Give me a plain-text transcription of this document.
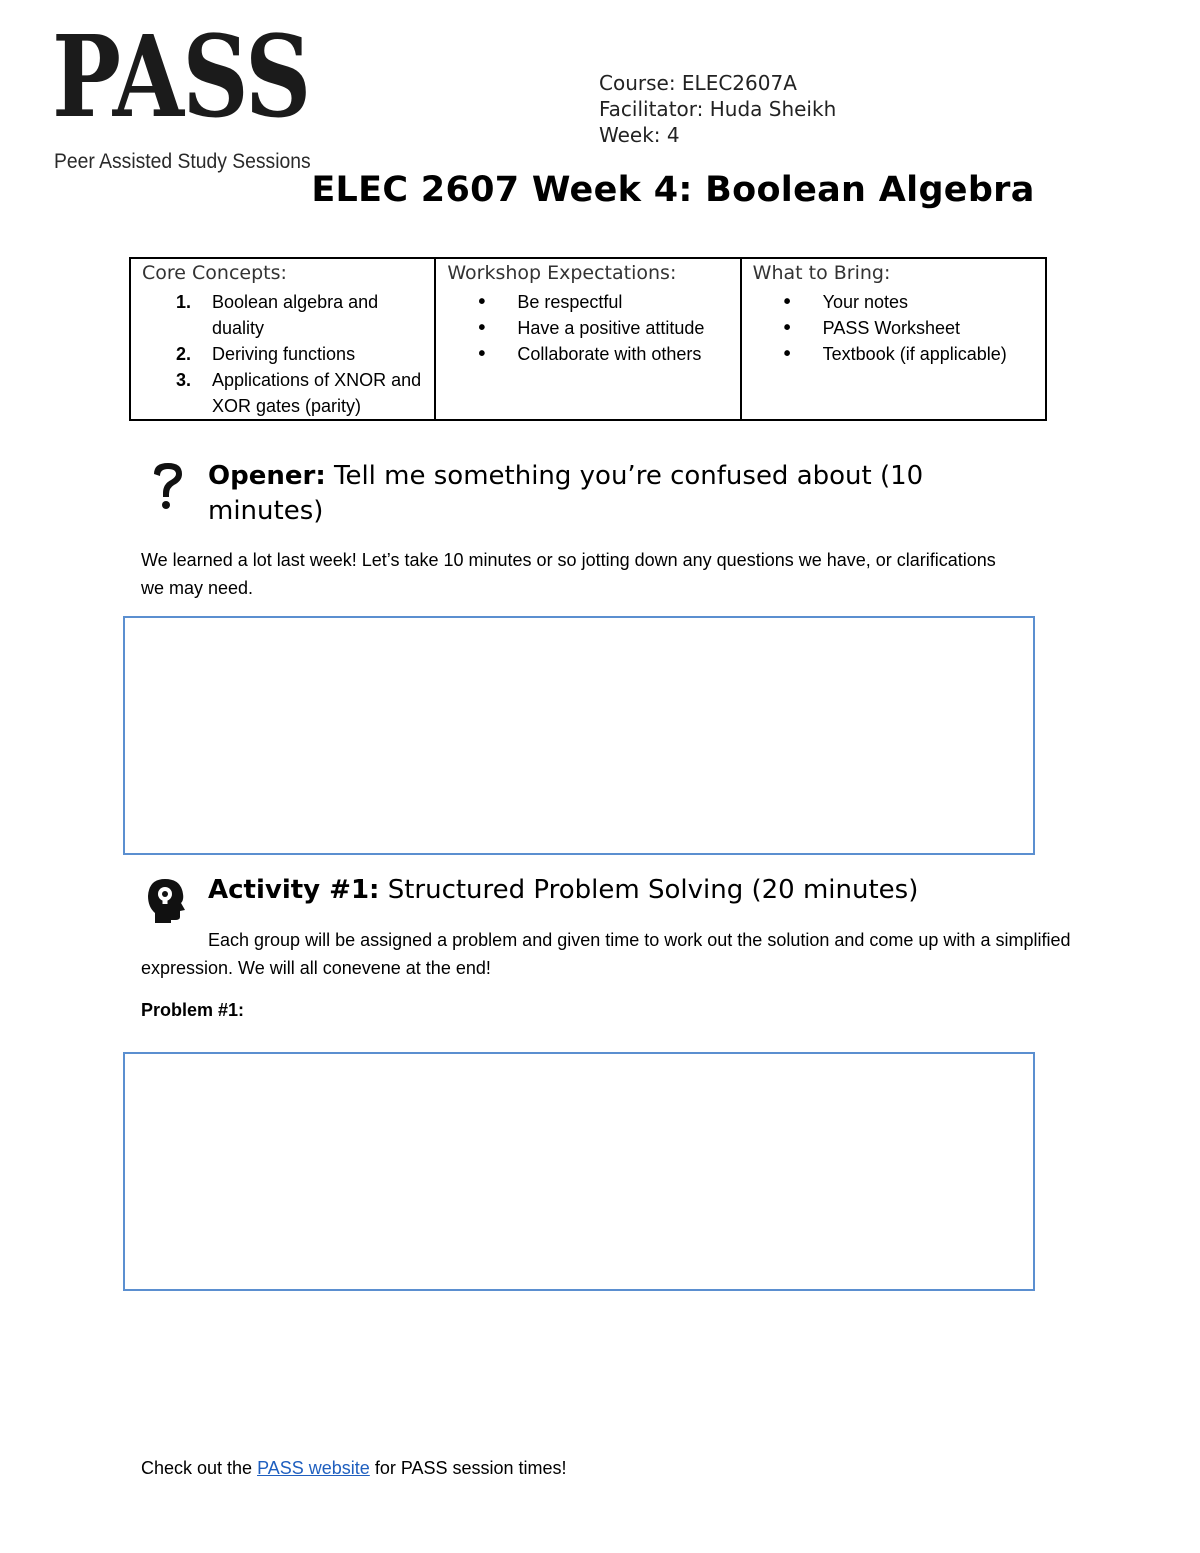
PASS
Peer Assisted Study Sessions
Course: ELEC2607A
Facilitator: Huda Sheikh
Week: 4
ELEC 2607 Week 4: Boolean Algebra
Core Concepts:
1. Boolean algebra and duality
2. Deriving functions
3. Applications of XNOR and XOR gates (parity)

Workshop Expectations:
• Be respectful
• Have a positive attitude
• Collaborate with others

What to Bring:
• Your notes
• PASS Worksheet
• Textbook (if applicable)
Opener: Tell me something you’re confused about (10 minutes)

We learned a lot last week! Let’s take 10 minutes or so jotting down any questions we have, or clarifications we may need.

Activity #1: Structured Problem Solving (20 minutes)

Each group will be assigned a problem and given time to work out the solution and come up with a simplified expression. We will all conevene at the end!

Problem #1:

Check out the PASS website for PASS session times!
